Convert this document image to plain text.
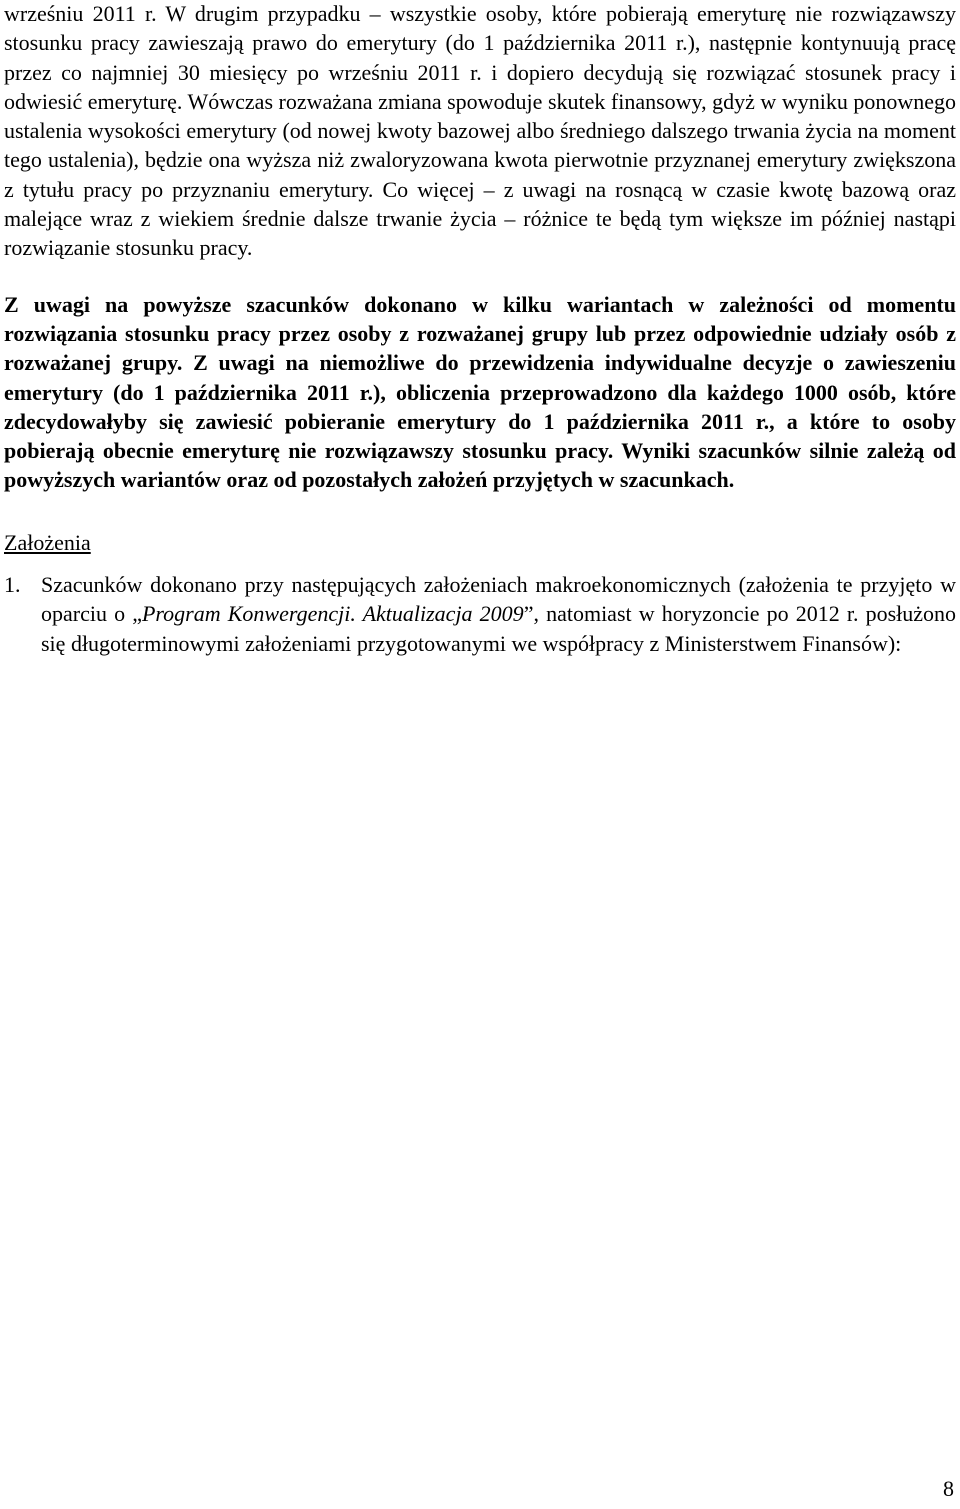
wrześniu 2011 r. W drugim przypadku – wszystkie osoby, które pobierają emeryturę nie rozwiązawszy stosunku pracy zawieszają prawo do emerytury (do 1 października 2011 r.), następnie kontynuują pracę przez co najmniej 30 miesięcy po wrześniu 2011 r. i dopiero decydują się rozwiązać stosunek pracy i odwiesić emeryturę. Wówczas rozważana zmiana spowoduje skutek finansowy, gdyż w wyniku ponownego ustalenia wysokości emerytury (od nowej kwoty bazowej albo średniego dalszego trwania życia na moment tego ustalenia), będzie ona wyższa niż zwaloryzowana kwota pierwotnie przyznanej emerytury zwiększona z tytułu pracy po przyznaniu emerytury. Co więcej – z uwagi na rosnącą w czasie kwotę bazową oraz malejące wraz z wiekiem średnie dalsze trwanie życia – różnice te będą tym większe im później nastąpi rozwiązanie stosunku pracy.

Z uwagi na powyższe szacunków dokonano w kilku wariantach w zależności od momentu rozwiązania stosunku pracy przez osoby z rozważanej grupy lub przez odpowiednie udziały osób z rozważanej grupy. Z uwagi na niemożliwe do przewidzenia indywidualne decyzje o zawieszeniu emerytury (do 1 października 2011 r.), obliczenia przeprowadzono dla każdego 1000 osób, które zdecydowałyby się zawiesić pobieranie emerytury do 1 października 2011 r., a które to osoby pobierają obecnie emeryturę nie rozwiązawszy stosunku pracy. Wyniki szacunków silnie zależą od powyższych wariantów oraz od pozostałych założeń przyjętych w szacunkach.

Założenia
1. Szacunków dokonano przy następujących założeniach makroekonomicznych (założenia te przyjęto w oparciu o „Program Konwergencji. Aktualizacja 2009”, natomiast w horyzoncie po 2012 r. posłużono się długoterminowymi założeniami przygotowanymi we współpracy z Ministerstwem Finansów):
8
